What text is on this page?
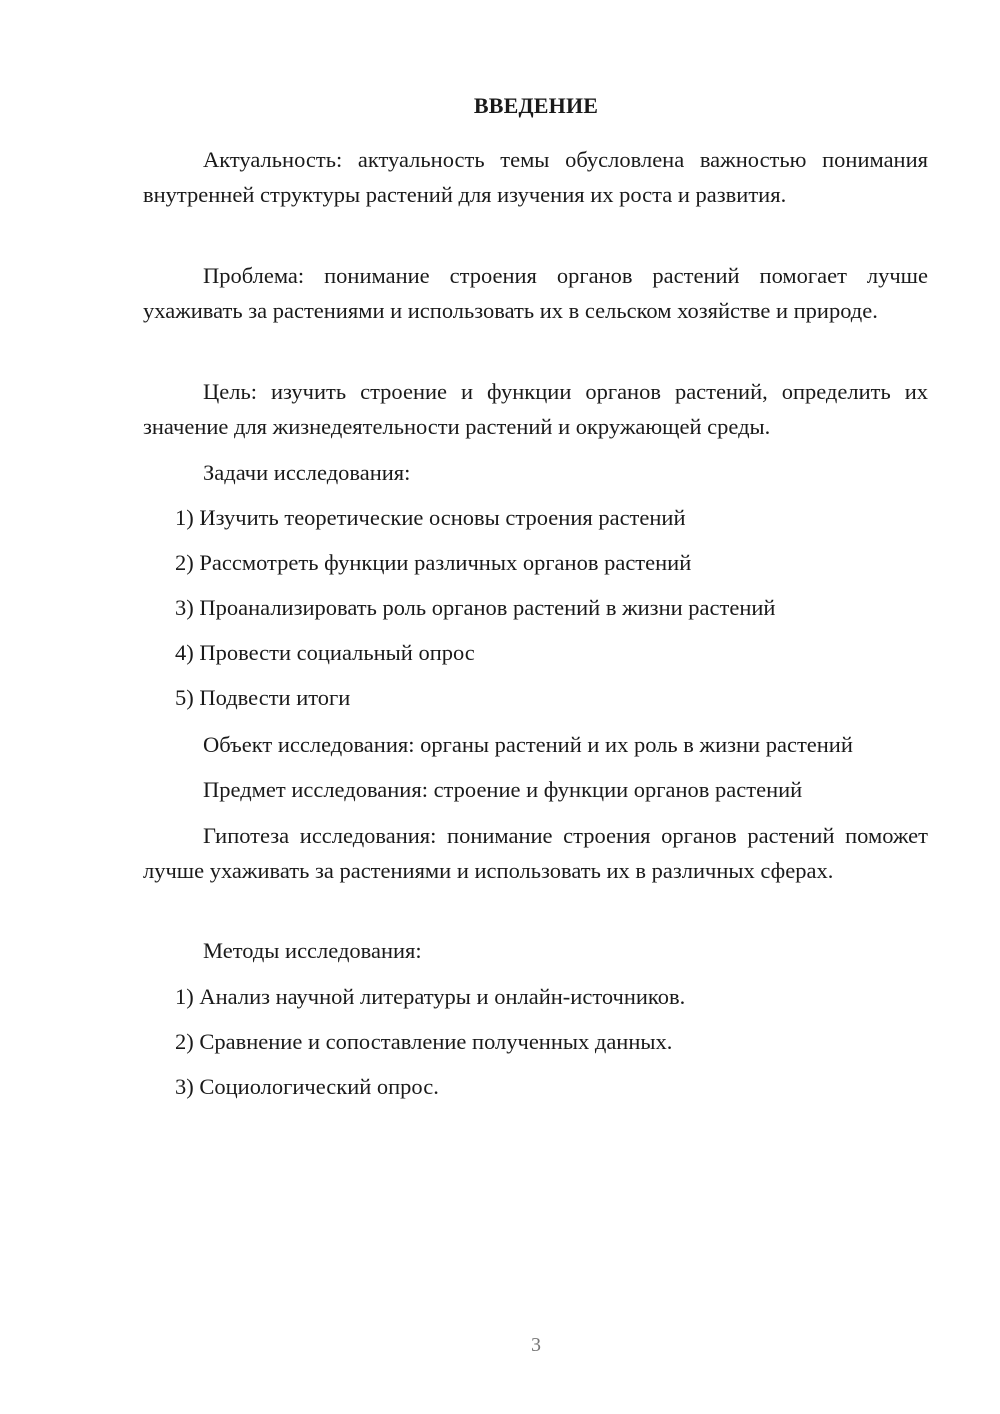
ВВЕДЕНИЕ

Актуальность: актуальность темы обусловлена важностью понимания внутренней структуры растений для изучения их роста и развития.

Проблема: понимание строения органов растений помогает лучше ухаживать за растениями и использовать их в сельском хозяйстве и природе.

Цель: изучить строение и функции органов растений, определить их значение для жизнедеятельности растений и окружающей среды.

Задачи исследования:

1) Изучить теоретические основы строения растений

2) Рассмотреть функции различных органов растений

3) Проанализировать роль органов растений в жизни растений

4) Провести социальный опрос

5) Подвести итоги

Объект исследования: органы растений и их роль в жизни растений

Предмет исследования: строение и функции органов растений

Гипотеза исследования: понимание строения органов растений поможет лучше ухаживать за растениями и использовать их в различных сферах.

Методы исследования:

1) Анализ научной литературы и онлайн-источников.

2) Сравнение и сопоставление полученных данных.

3) Социологический опрос.

3
